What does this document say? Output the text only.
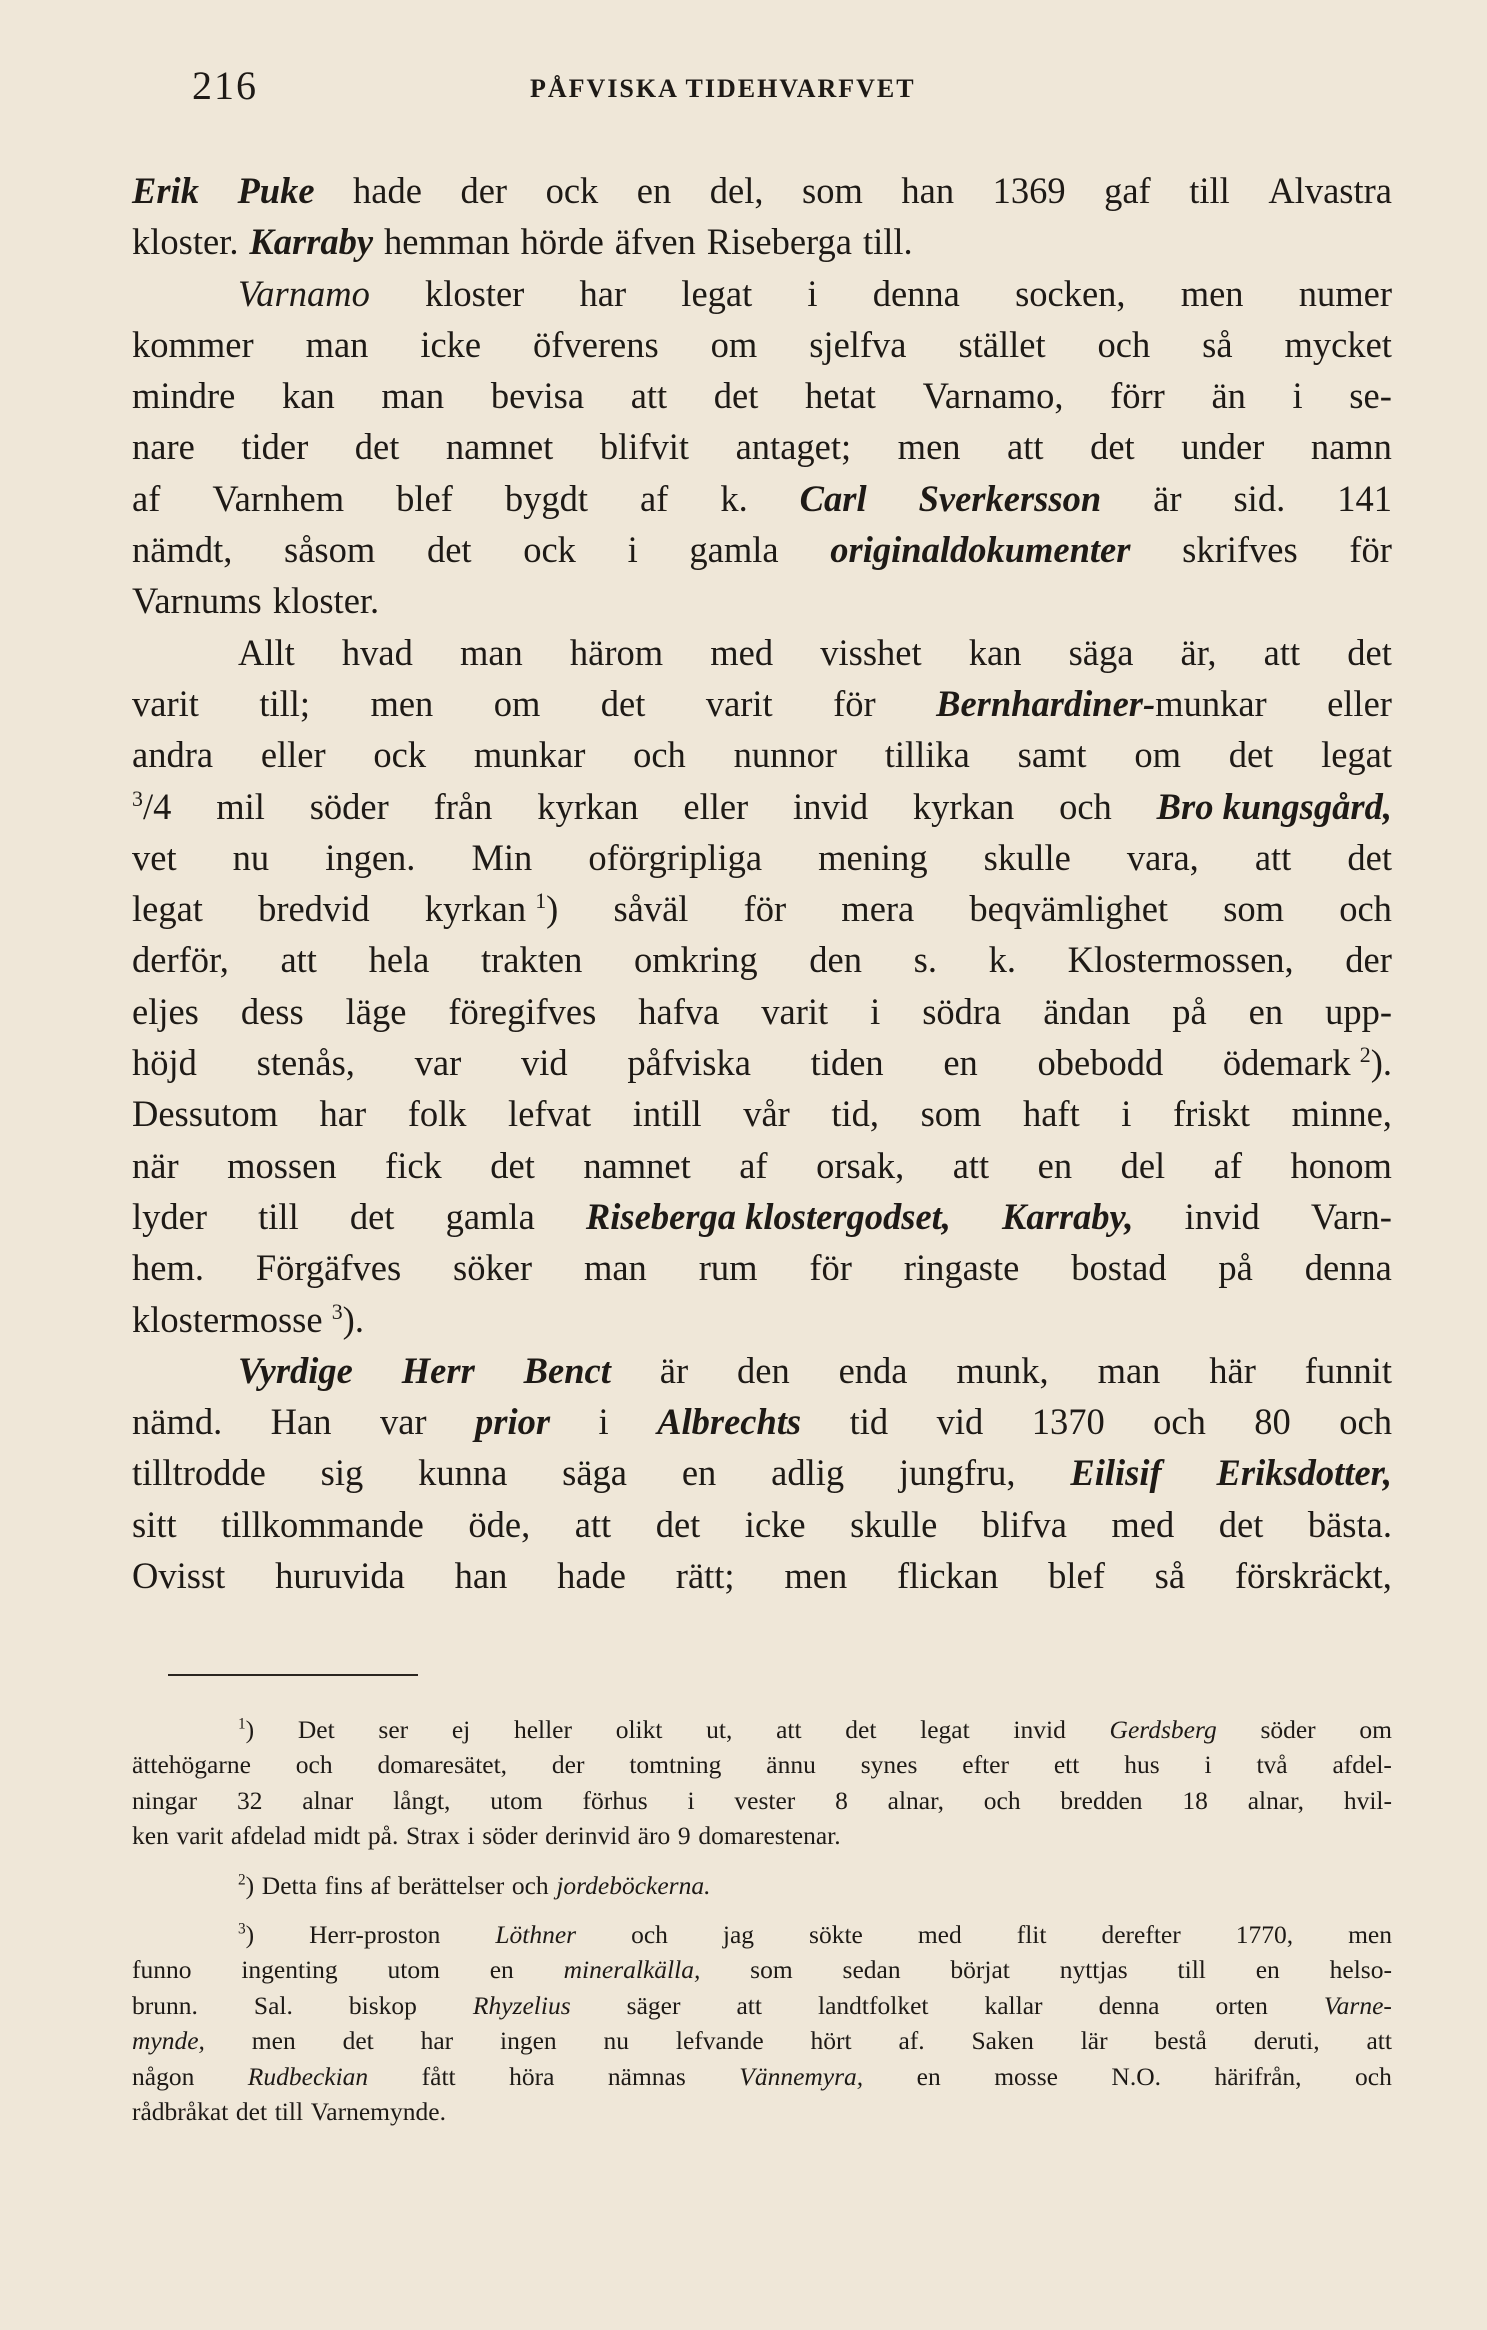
216	PÅFVISKA TIDEHVARFVET
Erik Puke hade der ock en del, som han 1369 gaf till Alvastra
kloster. Karraby hemman hörde äfven Riseberga till.
Varnamo kloster har legat i denna socken, men numer
kommer man icke öfverens om sjelfva stället och så mycket
mindre kan man bevisa att det hetat Varnamo, förr än i se-
nare tider det namnet blifvit antaget; men att det under namn
af Varnhem blef bygdt af k. Carl Sverkersson är sid. 141
nämdt, såsom det ock i gamla originaldokumenter skrifves för
Varnums kloster.
Allt hvad man härom med visshet kan säga är, att det
varit till; men om det varit för Bernhardiner-munkar eller
andra eller ock munkar och nunnor tillika samt om det legat
$^3$/4 mil söder från kyrkan eller invid kyrkan och Bro kungsgård,
vet nu ingen. Min oförgripliga mening skulle vara, att det
legat bredvid kyrkan $^1$) såväl för mera beqvämlighet som och
derför, att hela trakten omkring den s. k. Klostermossen, der
eljes dess läge föregifves hafva varit i södra ändan på en upp-
höjd stenås, var vid påfviska tiden en obebodd ödemark $^2$).
Dessutom har folk lefvat intill vår tid, som haft i friskt minne,
när mossen fick det namnet af orsak, att en del af honom
lyder till det gamla Riseberga klostergodset, Karraby, invid Varn-
hem. Förgäfves söker man rum för ringaste bostad på denna
klostermosse $^3$).
Vyrdige Herr Benct är den enda munk, man här funnit
nämd. Han var prior i Albrechts tid vid 1370 och 80 och
tilltrodde sig kunna säga en adlig jungfru, Eilisif Eriksdotter,
sitt tillkommande öde, att det icke skulle blifva med det bästa.
Ovisst huruvida han hade rätt; men flickan blef så förskräckt,
$^1$) Det ser ej heller olikt ut, att det legat invid Gerdsberg söder om
ättehögarne och domaresätet, der tomtning ännu synes efter ett hus i två afdel-
ningar 32 alnar långt, utom förhus i vester 8 alnar, och bredden 18 alnar, hvil-
ken varit afdelad midt på. Strax i söder derinvid äro 9 domarestenar.
$^2$) Detta fins af berättelser och jordeböckerna.
$^3$) Herr-proston Löthner och jag sökte med flit derefter 1770, men
funno ingenting utom en mineralkälla, som sedan börjat nyttjas till en helso-
brunn. Sal. biskop Rhyzelius säger att landtfolket kallar denna orten Varne-
mynde, men det har ingen nu lefvande hört af. Saken lär bestå deruti, att
någon Rudbeckian fått höra nämnas Vännemyra, en mosse N.O. härifrån, och
rådbråkat det till Varnemynde.
